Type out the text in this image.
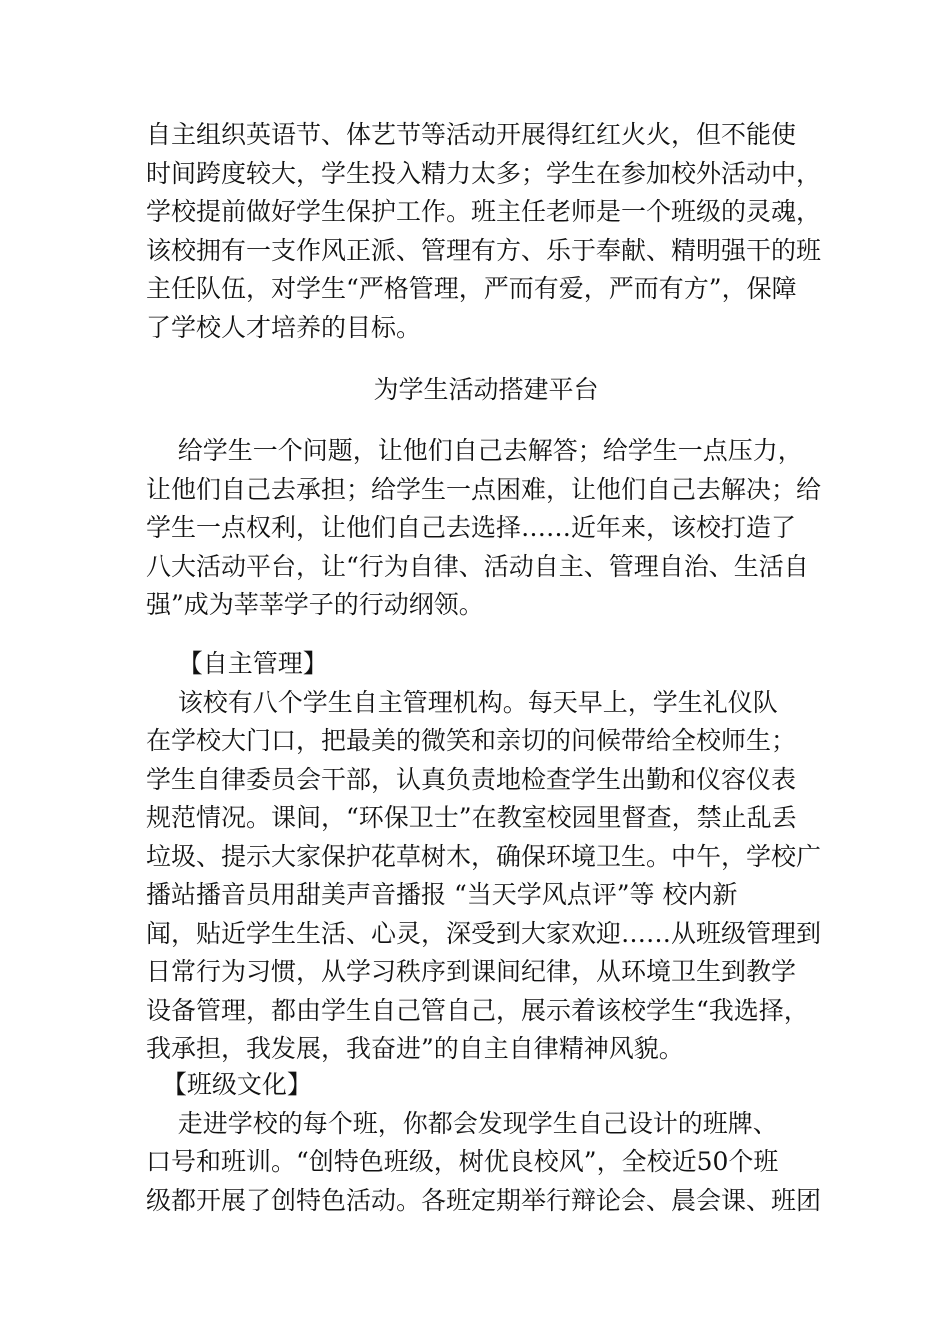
自主组织英语节、体艺节等活动开展得红红火火，但不能使
时间跨度较大，学生投入精力太多；学生在参加校外活动中，
学校提前做好学生保护工作。班主任老师是一个班级的灵魂，
该校拥有一支作风正派、管理有方、乐于奉献、精明强干的班
主任队伍，对学生“严格管理，严而有爱，严而有方”，保障
了学校人才培养的目标。
为学生活动搭建平台
给学生一个问题，让他们自己去解答；给学生一点压力，
让他们自己去承担；给学生一点困难，让他们自己去解决；给
学生一点权利，让他们自己去选择……近年来，该校打造了
八大活动平台，让“行为自律、活动自主、管理自治、生活自
强”成为莘莘学子的行动纲领。
【自主管理】
该校有八个学生自主管理机构。每天早上，学生礼仪队
在学校大门口，把最美的微笑和亲切的问候带给全校师生；
学生自律委员会干部，认真负责地检查学生出勤和仪容仪表
规范情况。课间，“环保卫士”在教室校园里督查，禁止乱丢
垃圾、提示大家保护花草树木，确保环境卫生。中午，学校广
播站播音员用甜美声音播报 “当天学风点评”等 校内新
闻，贴近学生生活、心灵，深受到大家欢迎……从班级管理到
日常行为习惯，从学习秩序到课间纪律，从环境卫生到教学
设备管理，都由学生自己管自己，展示着该校学生“我选择，
我承担，我发展，我奋进”的自主自律精神风貌。
【班级文化】
走进学校的每个班，你都会发现学生自己设计的班牌、
口号和班训。“创特色班级，树优良校风”，全校近50个班
级都开展了创特色活动。各班定期举行辩论会、晨会课、班团
